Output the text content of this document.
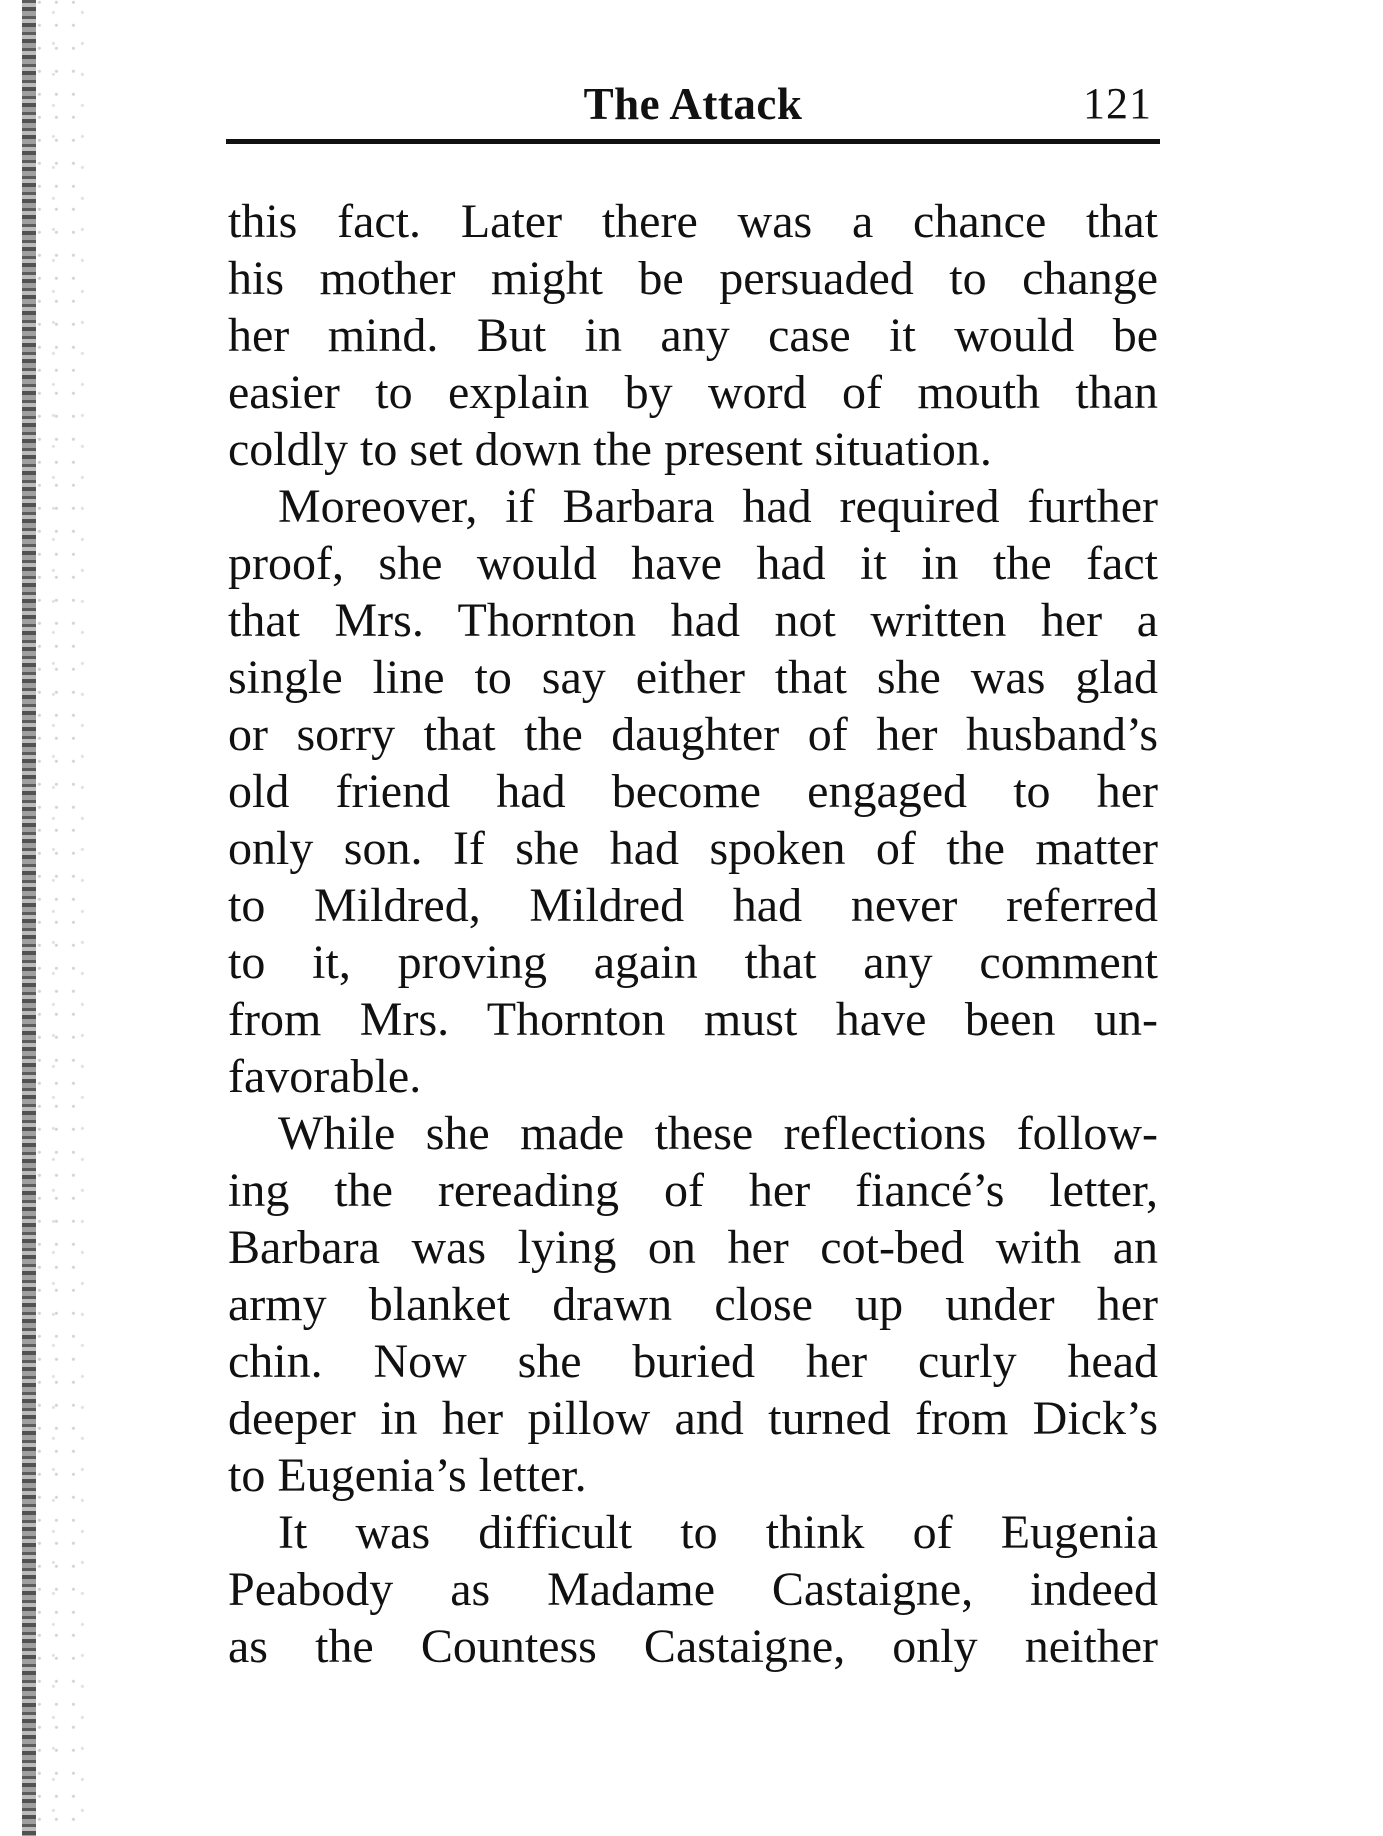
The Attack	121
this fact. Later there was a chance that
his mother might be persuaded to change
her mind. But in any case it would be
easier to explain by word of mouth than
coldly to set down the present situation.
Moreover, if Barbara had required further
proof, she would have had it in the fact
that Mrs. Thornton had not written her a
single line to say either that she was glad
or sorry that the daughter of her husband’s
old friend had become engaged to her
only son. If she had spoken of the matter
to Mildred, Mildred had never referred
to it, proving again that any comment
from Mrs. Thornton must have been un-
favorable.
While she made these reflections follow-
ing the rereading of her fiancé’s letter,
Barbara was lying on her cot-bed with an
army blanket drawn close up under her
chin. Now she buried her curly head
deeper in her pillow and turned from Dick’s
to Eugenia’s letter.
It was difficult to think of Eugenia
Peabody as Madame Castaigne, indeed
as the Countess Castaigne, only neither
